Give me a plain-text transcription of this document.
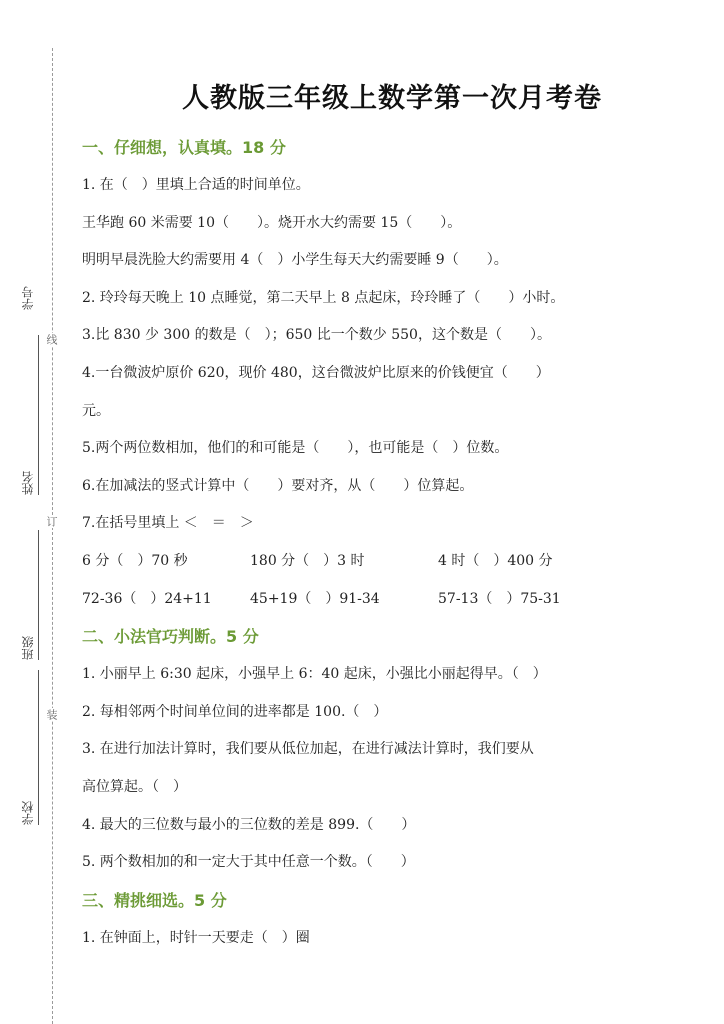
学号
姓名
班级
学校
线
订
装
人教版三年级上数学第一次月考卷
一、仔细想，认真填。18 分

1. 在（　）里填上合适的时间单位。

王华跑 60 米需要 10（　　）。烧开水大约需要 15（　　）。

明明早晨洗脸大约需要用 4（　）小学生每天大约需要睡 9（　　）。

2. 玲玲每天晚上 10 点睡觉，第二天早上 8 点起床，玲玲睡了（　　）小时。

3.比 830 少 300 的数是（　）；650 比一个数少 550，这个数是（　　）。

4.一台微波炉原价 620，现价 480，这台微波炉比原来的价钱便宜（　　）

元。

5.两个两位数相加，他们的和可能是（　　），也可能是（　）位数。

6.在加减法的竖式计算中（　　）要对齐，从（　　）位算起。

7.在括号里填上 ＜　＝　＞

6 分（　）70 秒	180 分（　）3 时	4 时（　）400 分
72-36（　）24+11	45+19（　）91-34	57-13（　）75-31
二、小法官巧判断。5 分

1. 小丽早上 6:30 起床，小强早上 6：40 起床，小强比小丽起得早。（　）

2. 每相邻两个时间单位间的进率都是 100.（　）

3. 在进行加法计算时，我们要从低位加起，在进行减法计算时，我们要从

高位算起。（　）

4. 最大的三位数与最小的三位数的差是 899.（　　）

5. 两个数相加的和一定大于其中任意一个数。（　　）

三、精挑细选。5 分

1. 在钟面上，时针一天要走（　）圈
